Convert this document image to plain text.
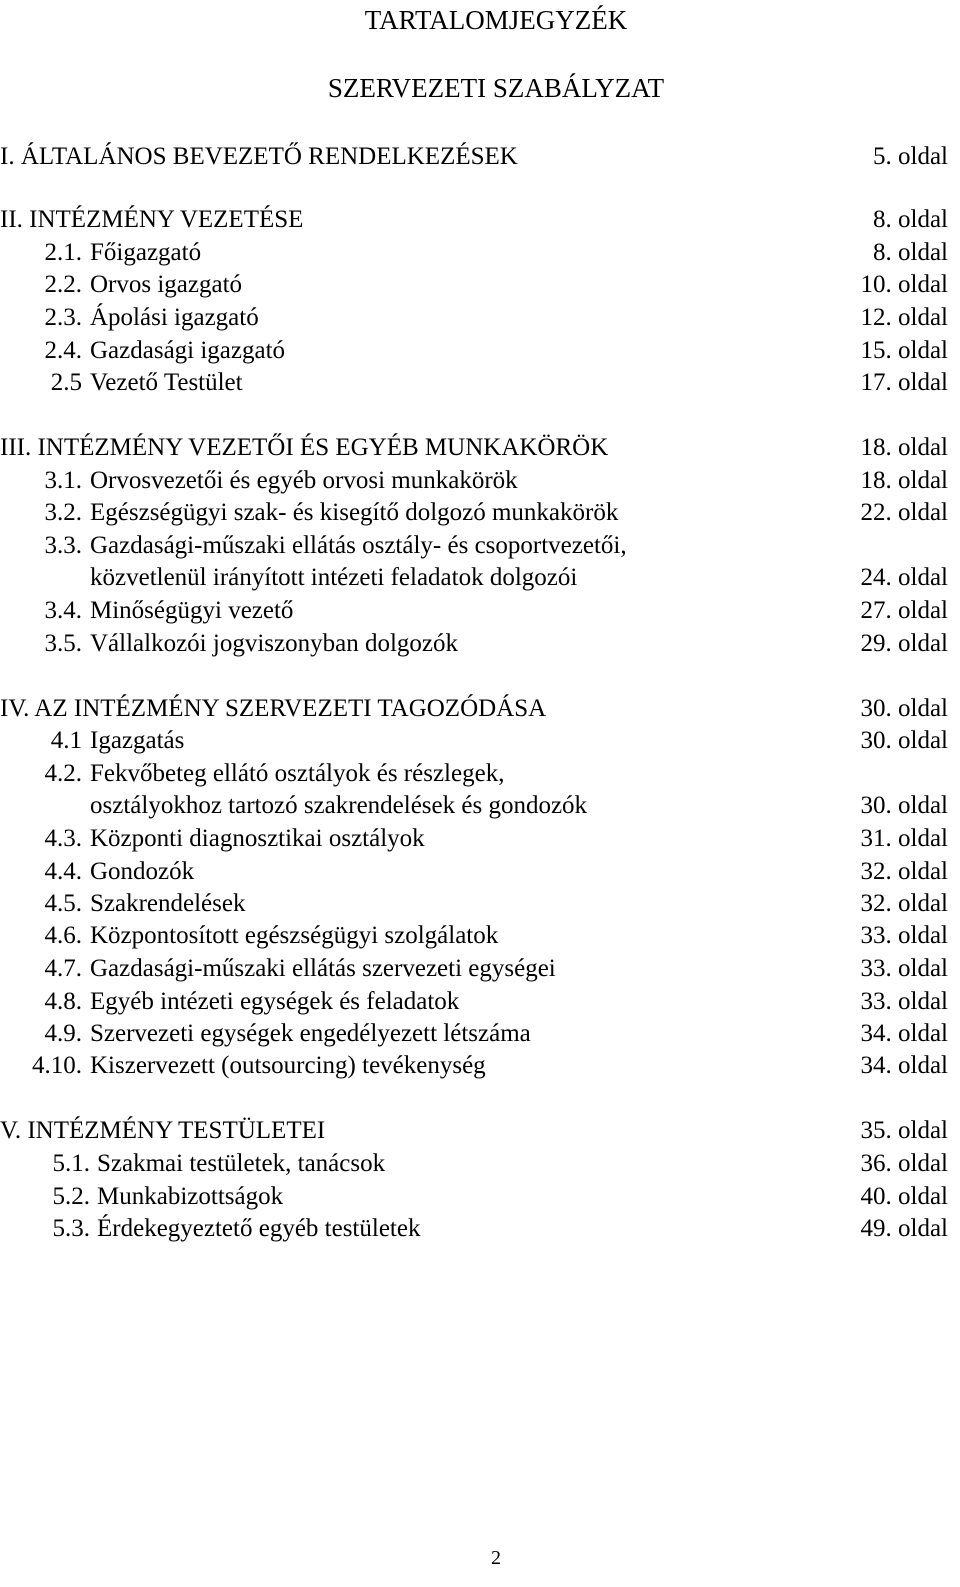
TARTALOMJEGYZÉK
SZERVEZETI SZABÁLYZAT
I. ÁLTALÁNOS BEVEZETŐ RENDELKEZÉSEK	5. oldal
II. INTÉZMÉNY VEZETÉSE	8. oldal
2.1. Főigazgató	8. oldal
2.2. Orvos igazgató	10. oldal
2.3. Ápolási igazgató	12. oldal
2.4. Gazdasági igazgató	15. oldal
2.5 Vezető Testület	17. oldal
III. INTÉZMÉNY VEZETŐI ÉS EGYÉB MUNKAKÖRÖK	18. oldal
3.1. Orvosvezetői és egyéb orvosi munkakörök	18. oldal
3.2. Egészségügyi szak- és kisegítő dolgozó munkakörök	22. oldal
3.3. Gazdasági-műszaki ellátás osztály- és csoportvezetői,
közvetlenül irányított intézeti feladatok dolgozói	24. oldal
3.4. Minőségügyi vezető	27. oldal
3.5. Vállalkozói jogviszonyban dolgozók	29. oldal
IV. AZ INTÉZMÉNY SZERVEZETI TAGOZÓDÁSA	30. oldal
4.1 Igazgatás	30. oldal
4.2. Fekvőbeteg ellátó osztályok és részlegek,
osztályokhoz tartozó szakrendelések és gondozók	30. oldal
4.3. Központi diagnosztikai osztályok	31. oldal
4.4. Gondozók	32. oldal
4.5. Szakrendelések	32. oldal
4.6. Központosított egészségügyi szolgálatok	33. oldal
4.7. Gazdasági-műszaki ellátás szervezeti egységei	33. oldal
4.8. Egyéb intézeti egységek és feladatok	33. oldal
4.9. Szervezeti egységek engedélyezett létszáma	34. oldal
4.10. Kiszervezett (outsourcing) tevékenység	34. oldal
V. INTÉZMÉNY TESTÜLETEI	35. oldal
5.1. Szakmai testületek, tanácsok	36. oldal
5.2. Munkabizottságok	40. oldal
5.3. Érdekegyeztető egyéb testületek	49. oldal
2
